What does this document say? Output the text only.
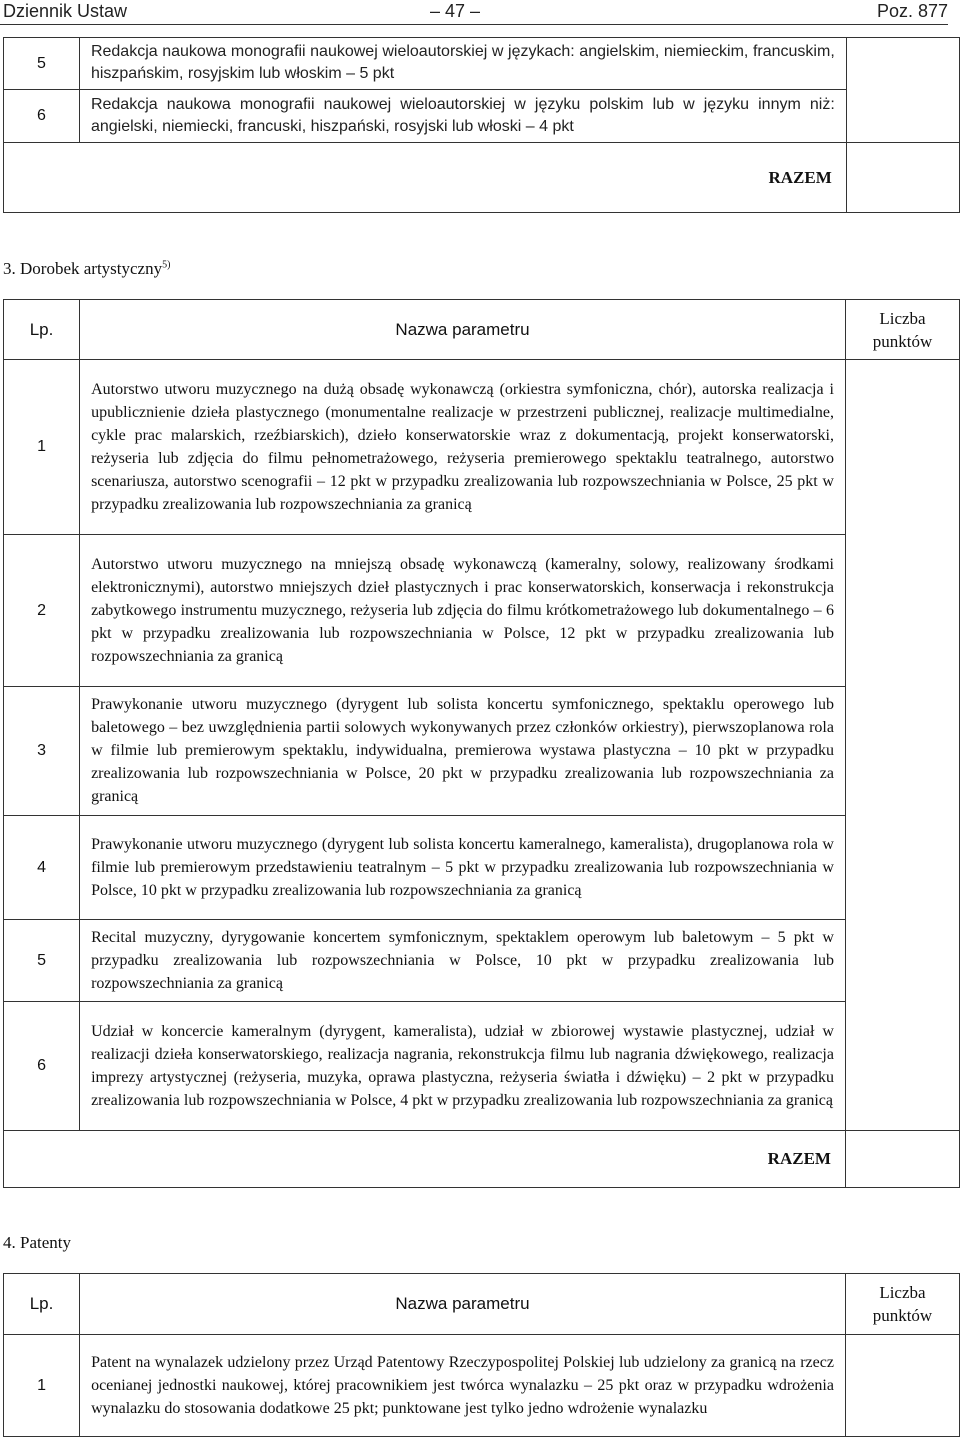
Dziennik Ustaw	– 47 –	Poz. 877
5	Redakcja naukowa monografii naukowej wieloautorskiej w językach: angielskim, niemieckim, francuskim, hiszpańskim, rosyjskim lub włoskim – 5 pkt	
6	Redakcja naukowa monografii naukowej wieloautorskiej w języku polskim lub w języku innym niż: angielski, niemiecki, francuski, hiszpański, rosyjski lub włoski – 4 pkt	
RAZEM		
3. Dorobek artystyczny$^{5)}$
Lp.	Nazwa parametru	Liczba
punktów

1	Autorstwo utworu muzycznego na dużą obsadę wykonawczą (orkiestra symfoniczna, chór), autorska realizacja i upublicznienie dzieła plastycznego (monumentalne realizacje w przestrzeni publicznej, realizacje multimedialne, cykle prac malarskich, rzeźbiarskich), dzieło konserwatorskie wraz z dokumentacją, projekt konserwatorski, reżyseria lub zdjęcia do filmu pełnometrażowego, reżyseria premierowego spektaklu teatralnego, autorstwo scenariusza, autorstwo scenografii – 12 pkt w przypadku zrealizowania lub rozpowszechniania w Polsce, 25 pkt w przypadku zrealizowania lub rozpowszechniania za granicą	
2	Autorstwo utworu muzycznego na mniejszą obsadę wykonawczą (kameralny, solowy, realizowany środkami elektronicznymi), autorstwo mniejszych dzieł plastycznych i prac konserwatorskich, konserwacja i rekonstrukcja zabytkowego instrumentu muzycznego, reżyseria lub zdjęcia do filmu krótkometrażowego lub dokumentalnego – 6 pkt w przypadku zrealizowania lub rozpowszechniania w Polsce, 12 pkt w przypadku zrealizowania lub rozpowszechniania za granicą	
3	Prawykonanie utworu muzycznego (dyrygent lub solista koncertu symfonicznego, spektaklu operowego lub baletowego – bez uwzględnienia partii solowych wykonywanych przez członków orkiestry), pierwszoplanowa rola w filmie lub premierowym spektaklu, indywidualna, premierowa wystawa plastyczna – 10 pkt w przypadku zrealizowania lub rozpowszechniania w Polsce, 20 pkt w przypadku zrealizowania lub rozpowszechniania za granicą	
4	Prawykonanie utworu muzycznego (dyrygent lub solista koncertu kameralnego, kameralista), drugoplanowa rola w filmie lub premierowym przedstawieniu teatralnym – 5 pkt w przypadku zrealizowania lub rozpowszechniania w Polsce, 10 pkt w przypadku zrealizowania lub rozpowszechniania za granicą	
5	Recital muzyczny, dyrygowanie koncertem symfonicznym, spektaklem operowym lub baletowym – 5 pkt w przypadku zrealizowania lub rozpowszechniania w Polsce, 10 pkt w przypadku zrealizowania lub rozpowszechniania za granicą	
6	Udział w koncercie kameralnym (dyrygent, kameralista), udział w zbiorowej wystawie plastycznej, udział w realizacji dzieła konserwatorskiego, realizacja nagrania, rekonstrukcja filmu lub nagrania dźwiękowego, realizacja imprezy artystycznej (reżyseria, muzyka, oprawa plastyczna, reżyseria światła i dźwięku) – 2 pkt w przypadku zrealizowania lub rozpowszechniania w Polsce, 4 pkt w przypadku zrealizowania lub rozpowszechniania za granicą	
RAZEM		
4. Patenty
Lp.	Nazwa parametru	Liczba
punktów

1	Patent na wynalazek udzielony przez Urząd Patentowy Rzeczypospolitej Polskiej lub udzielony za granicą na rzecz ocenianej jednostki naukowej, której pracownikiem jest twórca wynalazku – 25 pkt oraz w przypadku wdrożenia wynalazku do stosowania dodatkowe 25 pkt; punktowane jest tylko jedno wdrożenie wynalazku	
